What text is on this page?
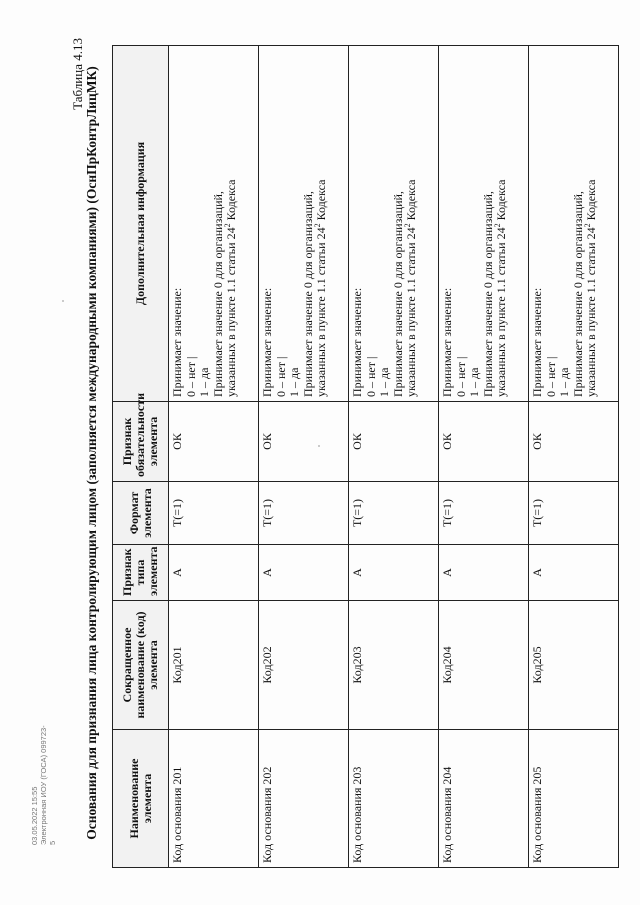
Таблица 4.13 Основания для признания лица контролирующим лицом (заполняется международными компаниями) (ОснПрКонтрЛицМК) Наименование элемента	Сокращенное наименование (код) элемента	Признак типа элемента	Формат элемента	Признак обязательности элемента	Дополнительная информация
Код основания 201	Код201	А	T(=1)	ОК	Принимает значение: 0 – нет | 1 – да Принимает значение 0 для организаций, указанных в пункте 1.1 статьи $24^2$ Кодекса

Код основания 202	Код202	А	T(=1)	ОК	Принимает значение: 0 – нет | 1 – да Принимает значение 0 для организаций, указанных в пункте 1.1 статьи $24^2$ Кодекса

Код основания 203	Код203	А	T(=1)	ОК	Принимает значение: 0 – нет | 1 – да Принимает значение 0 для организаций, указанных в пункте 1.1 статьи $24^2$ Кодекса

Код основания 204	Код204	А	T(=1)	ОК	Принимает значение: 0 – нет | 1 – да Принимает значение 0 для организаций, указанных в пункте 1.1 статьи $24^2$ Кодекса

Код основания 205	Код205	А	T(=1)	ОК	Принимает значение: 0 – нет | 1 – да Принимает значение 0 для организаций, указанных в пункте 1.1 статьи $24^2$ Кодекса
03.05.2022 15:55 Электронная ИОУ (ГОСА) 099723-5
